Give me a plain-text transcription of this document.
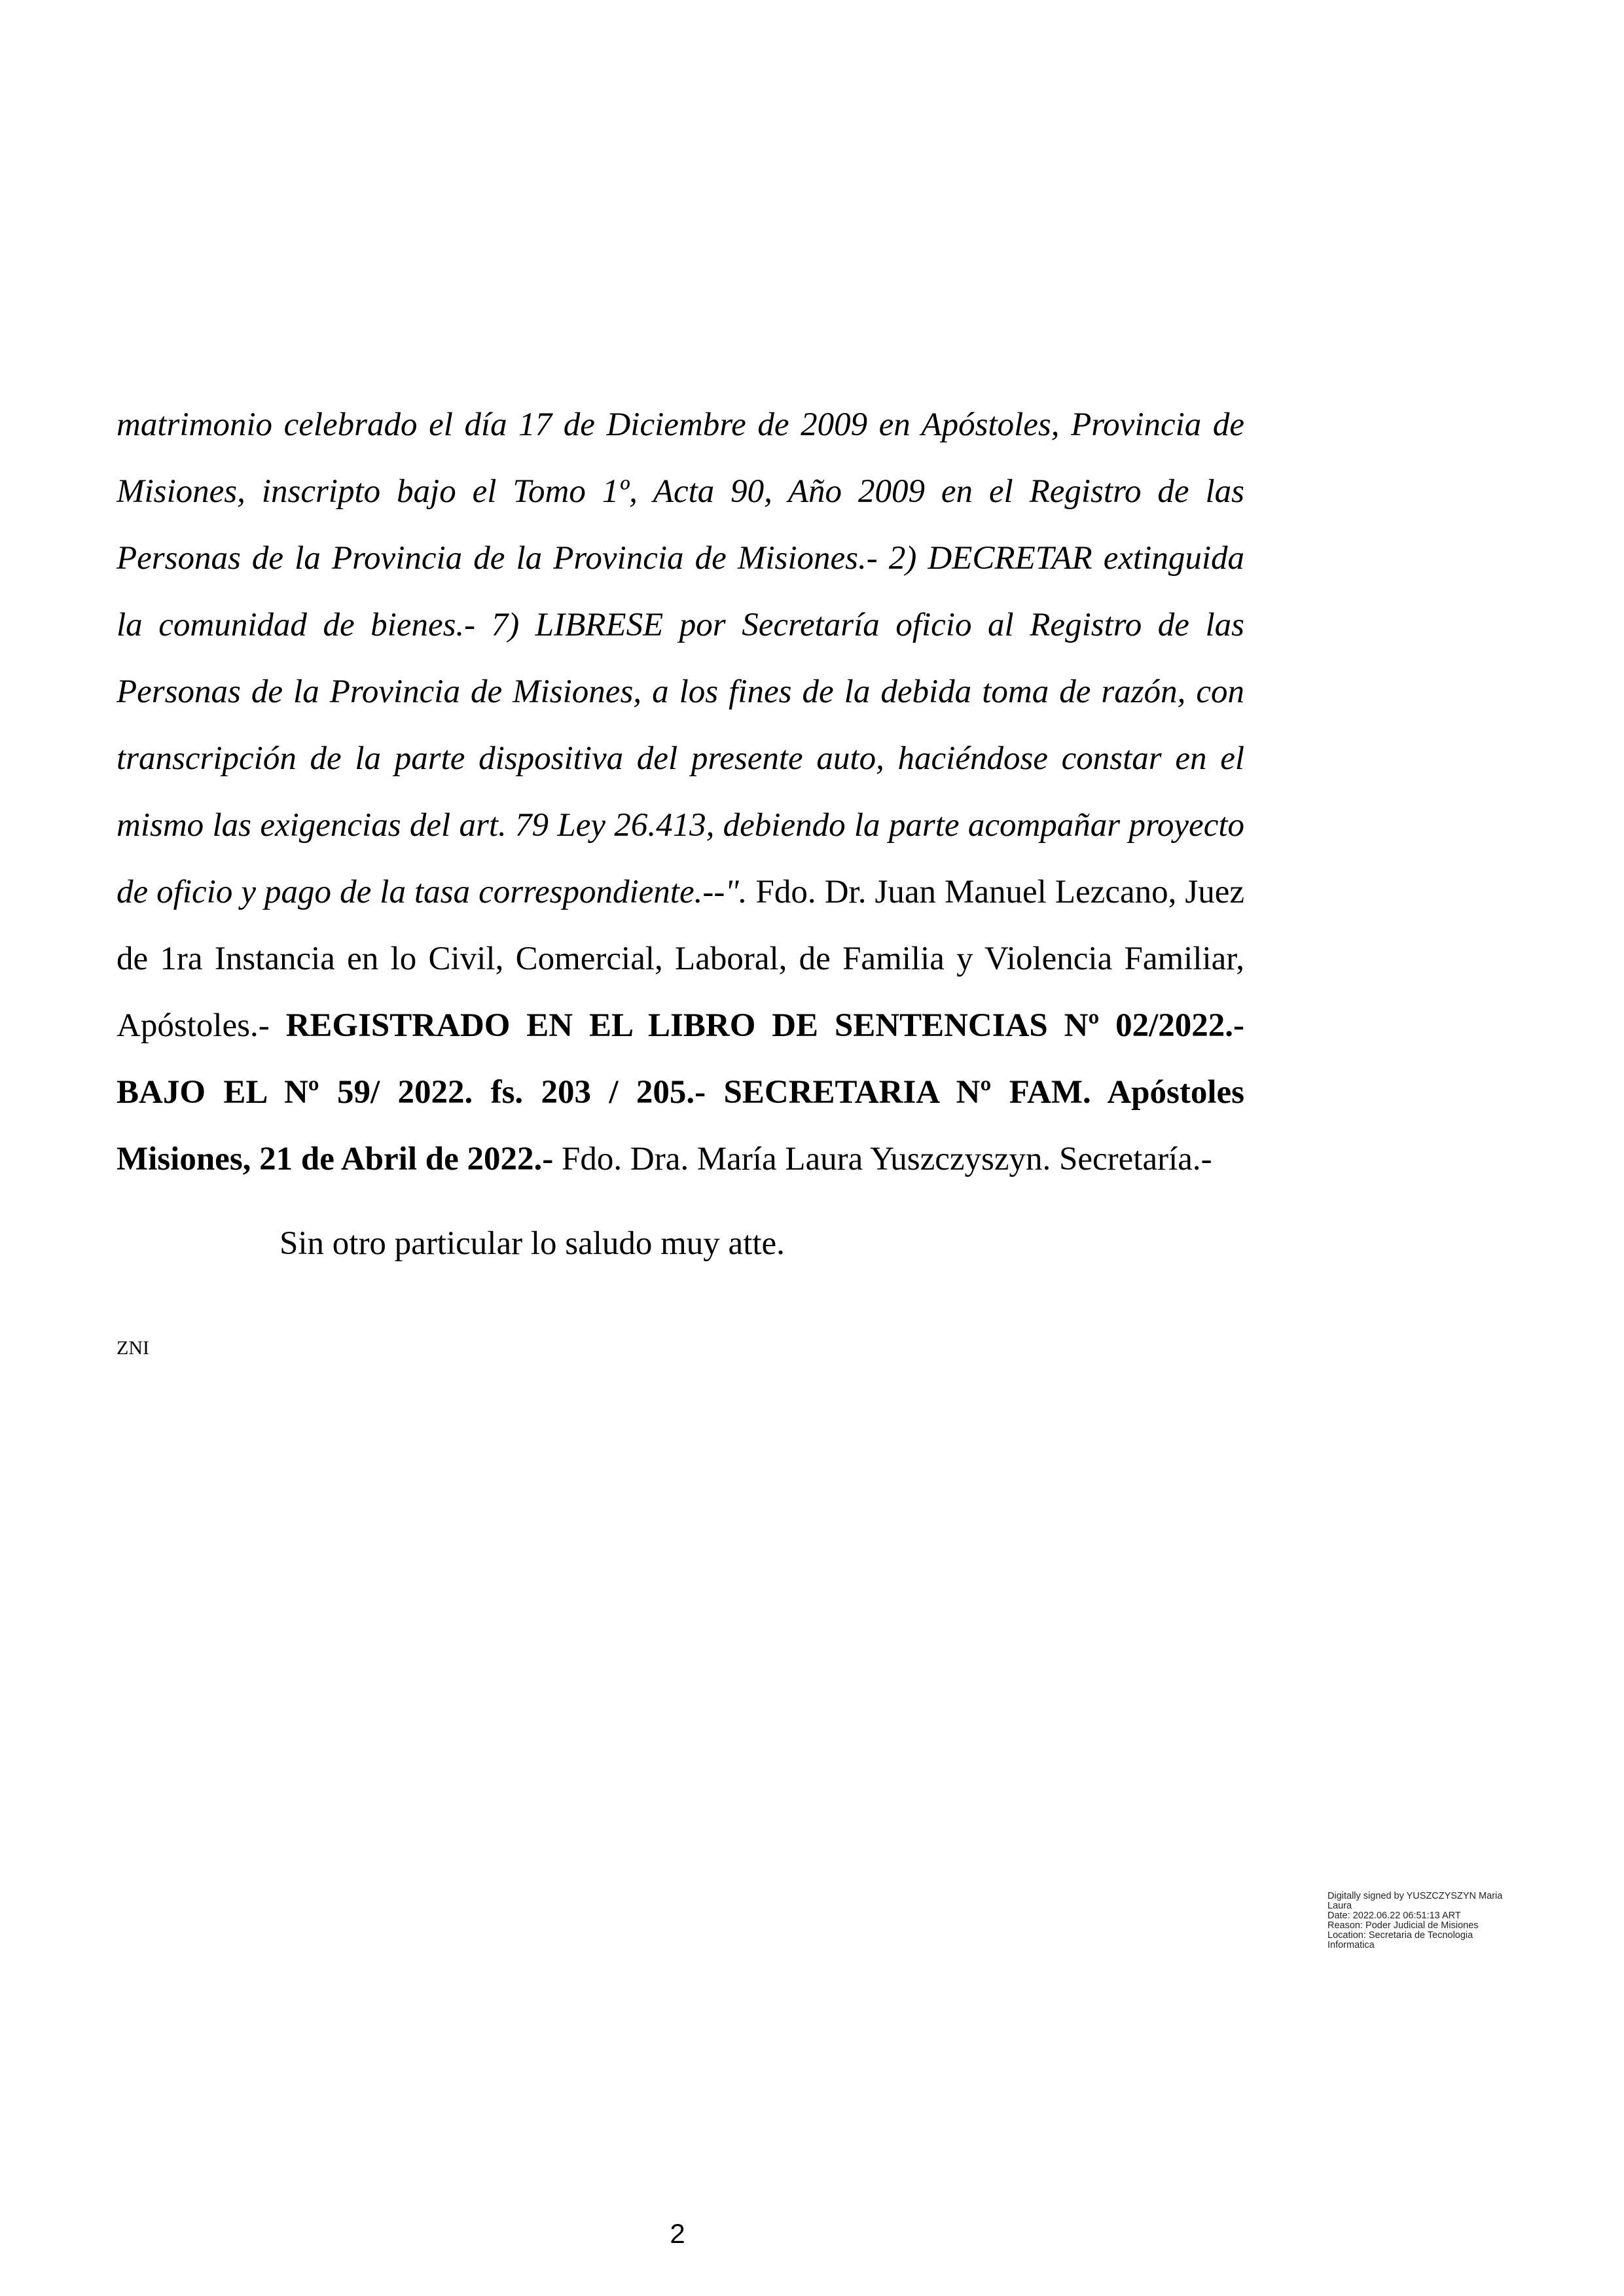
matrimonio celebrado el día 17 de Diciembre de 2009 en Apóstoles, Provincia de Misiones, inscripto bajo el Tomo 1º, Acta 90, Año 2009 en el Registro de las Personas de la Provincia de la Provincia de Misiones.- 2) DECRETAR extinguida la comunidad de bienes.- 7) LIBRESE por Secretaría oficio al Registro de las Personas de la Provincia de Misiones, a los fines de la debida toma de razón, con transcripción de la parte dispositiva del presente auto, haciéndose constar en el mismo las exigencias del art. 79 Ley 26.413, debiendo la parte acompañar proyecto de oficio y pago de la tasa correspondiente.--". Fdo. Dr. Juan Manuel Lezcano, Juez de 1ra Instancia en lo Civil, Comercial, Laboral, de Familia y Violencia Familiar, Apóstoles.- REGISTRADO EN EL LIBRO DE SENTENCIAS Nº 02/2022.- BAJO EL Nº 59/ 2022. fs. 203 / 205.- SECRETARIA Nº FAM. Apóstoles Misiones, 21 de Abril de 2022.- Fdo. Dra. María Laura Yuszczyszyn. Secretaría.-
Sin otro particular lo saludo muy atte.
ZNI
Digitally signed by YUSZCZYSZYN Maria
Laura
Date: 2022.06.22 06:51:13 ART
Reason: Poder Judicial de Misiones
Location: Secretaria de Tecnologia
Informatica
2
